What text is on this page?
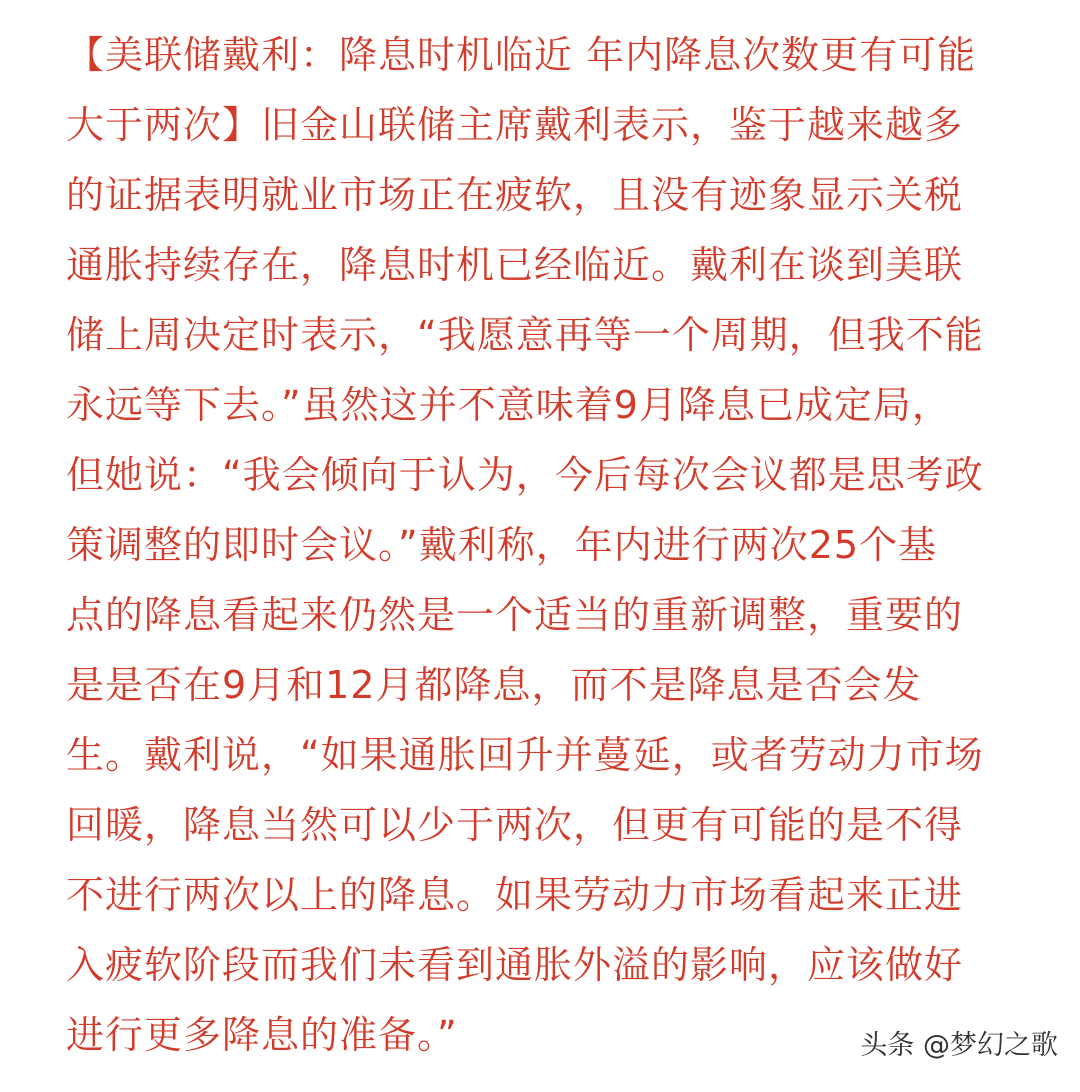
【美联储戴利：降息时机临近 年内降息次数更有可能
大于两次】旧金山联储主席戴利表示，鉴于越来越多
的证据表明就业市场正在疲软，且没有迹象显示关税
通胀持续存在，降息时机已经临近。戴利在谈到美联
储上周决定时表示，“我愿意再等一个周期，但我不能
永远等下去。”虽然这并不意味着9月降息已成定局，
但她说：“我会倾向于认为，今后每次会议都是思考政
策调整的即时会议。”戴利称，年内进行两次25个基
点的降息看起来仍然是一个适当的重新调整，重要的
是是否在9月和12月都降息，而不是降息是否会发
生。戴利说，“如果通胀回升并蔓延，或者劳动力市场
回暖，降息当然可以少于两次，但更有可能的是不得
不进行两次以上的降息。如果劳动力市场看起来正进
入疲软阶段而我们未看到通胀外溢的影响，应该做好
进行更多降息的准备。”	头条 @梦幻之歌
